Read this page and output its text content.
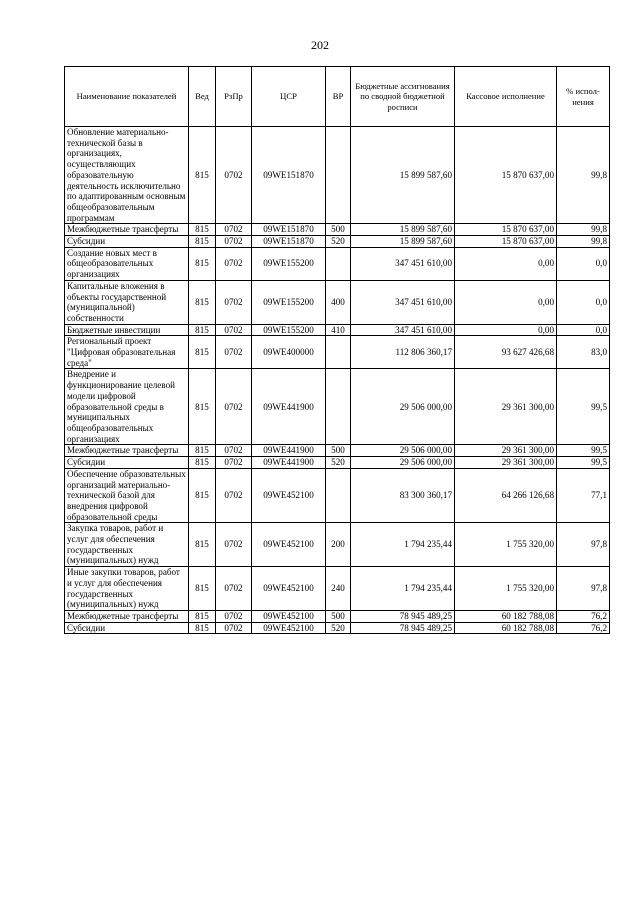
202
Наименование показателей	Вед	РзПр	ЦСР	ВР	Бюджетные ассигнования по сводной бюджетной росписи	Кассовое исполнение	% испол-нения
Обновление материально-технической базы в организациях, осуществляющих образовательную деятельность исключительно по адаптированным основным общеобразовательным программам	815	0702	09WE151870		15 899 587,60	15 870 637,00	99,8
Межбюджетные трансферты	815	0702	09WE151870	500	15 899 587,60	15 870 637,00	99,8
Субсидии	815	0702	09WE151870	520	15 899 587,60	15 870 637,00	99,8
Создание новых мест в общеобразовательных организациях	815	0702	09WE155200		347 451 610,00	0,00	0,0
Капитальные вложения в объекты государственной (муниципальной) собственности	815	0702	09WE155200	400	347 451 610,00	0,00	0,0
Бюджетные инвестиции	815	0702	09WE155200	410	347 451 610,00	0,00	0,0
Региональный проект "Цифровая образовательная среда"	815	0702	09WE400000		112 806 360,17	93 627 426,68	83,0
Внедрение и функционирование целевой модели цифровой образовательной среды в муниципальных общеобразовательных организациях	815	0702	09WE441900		29 506 000,00	29 361 300,00	99,5
Межбюджетные трансферты	815	0702	09WE441900	500	29 506 000,00	29 361 300,00	99,5
Субсидии	815	0702	09WE441900	520	29 506 000,00	29 361 300,00	99,5
Обеспечение образовательных организаций материально-технической базой для внедрения цифровой образовательной среды	815	0702	09WE452100		83 300 360,17	64 266 126,68	77,1
Закупка товаров, работ и услуг для обеспечения государственных (муниципальных) нужд	815	0702	09WE452100	200	1 794 235,44	1 755 320,00	97,8
Иные закупки товаров, работ и услуг для обеспечения государственных (муниципальных) нужд	815	0702	09WE452100	240	1 794 235,44	1 755 320,00	97,8
Межбюджетные трансферты	815	0702	09WE452100	500	78 945 489,25	60 182 788,08	76,2
Субсидии	815	0702	09WE452100	520	78 945 489,25	60 182 788,08	76,2
